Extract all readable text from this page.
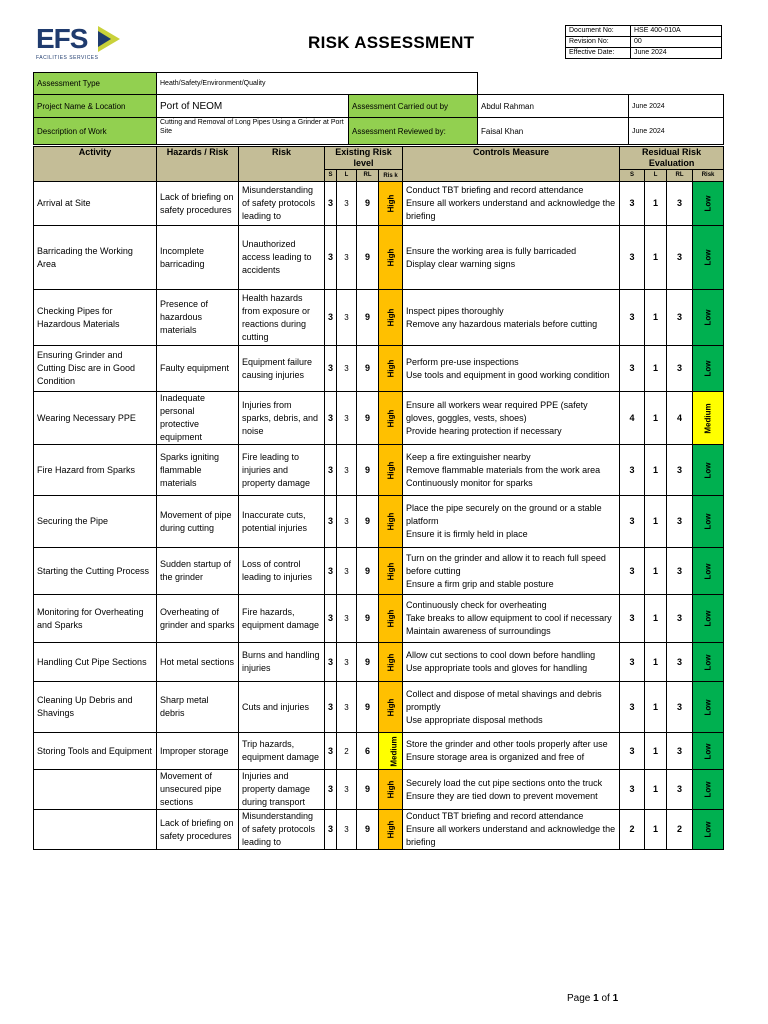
EFS
FACILITIES SERVICES
RISK ASSESSMENT
Document No:	HSE 400-010A
Revision No:	00
Effective Date:	June 2024
Assessment Type	Heath/Safety/Environment/Quality			
Project Name & Location	Port of NEOM	Assessment Carried out by	Abdul Rahman	June 2024
Description of Work	Cutting and Removal of Long Pipes Using a Grinder at Port Site	Assessment Reviewed by:	Faisal Khan	June 2024
Activity	Hazards / Risk	Risk	Existing Risk level				Controls Measure	Residual Risk Evaluation			
			S	L	RL	Ris k		S	L	RL	Risk
Arrival at Site	Lack of briefing on safety procedures	Misunderstanding of safety protocols leading to	3	3	9	High	Conduct TBT briefing and record attendance
Ensure all workers understand and acknowledge the briefing	3	1	3	Low
Barricading the Working Area	Incomplete barricading	Unauthorized access leading to accidents	3	3	9	High	Ensure the working area is fully barricaded
Display clear warning signs	3	1	3	Low
Checking Pipes for Hazardous Materials	Presence of hazardous materials	Health hazards from exposure or reactions during cutting	3	3	9	High	Inspect pipes thoroughly
Remove any hazardous materials before cutting	3	1	3	Low
Ensuring Grinder and Cutting Disc are in Good Condition	Faulty equipment	Equipment failure causing injuries	3	3	9	High	Perform pre-use inspections
Use tools and equipment in good working condition	3	1	3	Low
Wearing Necessary PPE	Inadequate personal protective equipment	Injuries from sparks, debris, and noise	3	3	9	High	Ensure all workers wear required PPE (safety gloves, goggles, vests, shoes)
Provide hearing protection if necessary	4	1	4	Medium
Fire Hazard from Sparks	Sparks igniting flammable materials	Fire leading to injuries and property damage	3	3	9	High	Keep a fire extinguisher nearby
Remove flammable materials from the work area
Continuously monitor for sparks	3	1	3	Low
Securing the Pipe	Movement of pipe during cutting	Inaccurate cuts, potential injuries	3	3	9	High	Place the pipe securely on the ground or a stable platform
Ensure it is firmly held in place	3	1	3	Low
Starting the Cutting Process	Sudden startup of the grinder	Loss of control leading to injuries	3	3	9	High	Turn on the grinder and allow it to reach full speed before cutting
Ensure a firm grip and stable posture	3	1	3	Low
Monitoring for Overheating and Sparks	Overheating of grinder and sparks	Fire hazards, equipment damage	3	3	9	High	Continuously check for overheating
Take breaks to allow equipment to cool if necessary
Maintain awareness of surroundings	3	1	3	Low
Handling Cut Pipe Sections	Hot metal sections	Burns and handling injuries	3	3	9	High	Allow cut sections to cool down before handling
Use appropriate tools and gloves for handling	3	1	3	Low
Cleaning Up Debris and Shavings	Sharp metal debris	Cuts and injuries	3	3	9	High	Collect and dispose of metal shavings and debris promptly
Use appropriate disposal methods	3	1	3	Low
Storing Tools and Equipment	Improper storage	Trip hazards, equipment damage	3	2	6	Medium	Store the grinder and other tools properly after use
Ensure storage area is organized and free of	3	1	3	Low
	Movement of unsecured pipe sections	Injuries and property damage during transport	3	3	9	High	Securely load the cut pipe sections onto the truck
Ensure they are tied down to prevent movement	3	1	3	Low
	Lack of briefing on safety procedures	Misunderstanding of safety protocols leading to	3	3	9	High	Conduct TBT briefing and record attendance
Ensure all workers understand and acknowledge the briefing	2	1	2	Low
Page 1 of 1
